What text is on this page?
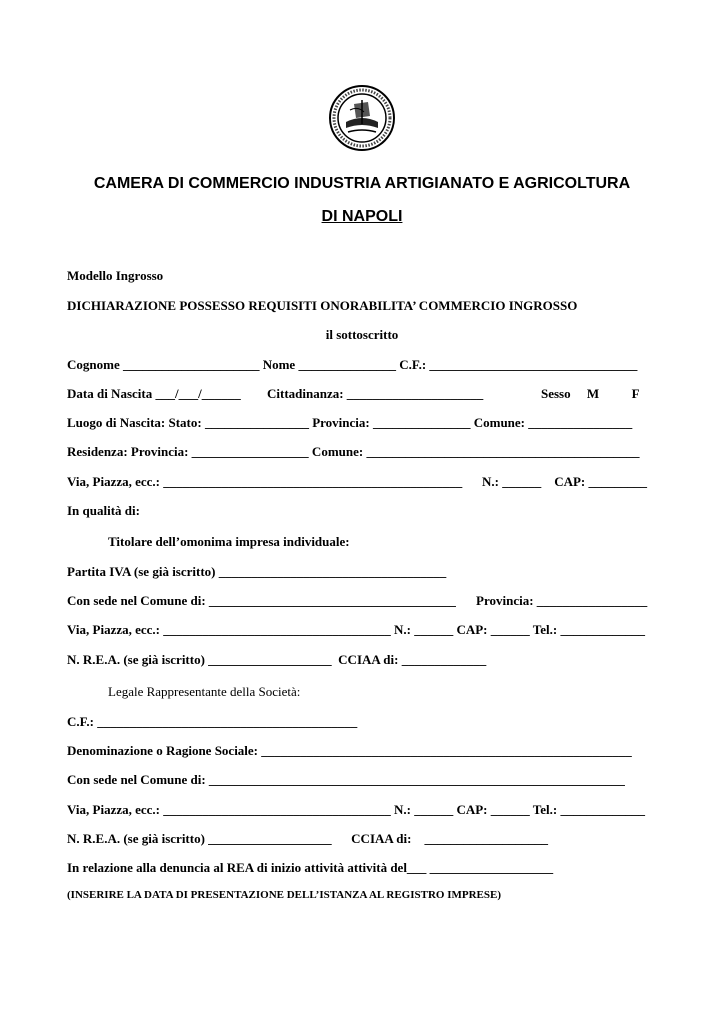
CAMERA DI COMMERCIO INDUSTRIA ARTIGIANATO E AGRICOLTURA
DI NAPOLI
Modello Ingrosso
DICHIARAZIONE POSSESSO REQUISITI ONORABILITA’ COMMERCIO INGROSSO
il sottoscritto
Cognome _____________________ Nome _______________ C.F.: ________________________________
Data di Nascita ___/___/______ Cittadinanza: _____________________	Sesso     M          F
Luogo di Nascita: Stato: ________________ Provincia: _______________ Comune: ________________
Residenza: Provincia: __________________ Comune: __________________________________________
Via, Piazza, ecc.: ______________________________________________ N.: ______    CAP: _________
In qualità di:
Titolare dell’omonima impresa individuale:
Partita IVA (se già iscritto) ___________________________________
Con sede nel Comune di: ______________________________________ Provincia: _________________
Via, Piazza, ecc.: ___________________________________ N.: ______ CAP: ______ Tel.: _____________
N. R.E.A. (se già iscritto) ___________________  CCIAA di: _____________
Legale Rappresentante della Società:
C.F.: ________________________________________
Denominazione o Ragione Sociale: _________________________________________________________
Con sede nel Comune di: ________________________________________________________________
Via, Piazza, ecc.: ___________________________________ N.: ______ CAP: ______ Tel.: _____________
N. R.E.A. (se già iscritto) ___________________      CCIAA di:    ___________________
In relazione alla denuncia al REA di inizio attività attività del___ ___________________
(INSERIRE LA DATA DI PRESENTAZIONE DELL’ISTANZA AL REGISTRO IMPRESE)
